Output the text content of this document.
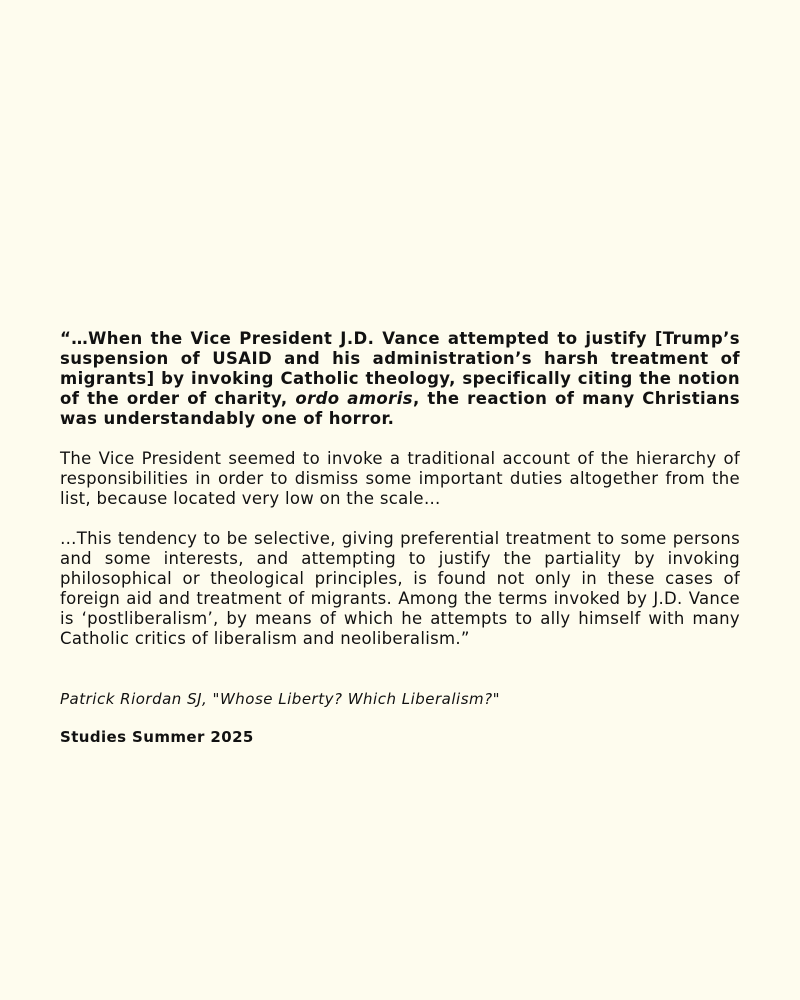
“…When the Vice President J.D. Vance attempted to justify [Trump’s suspension of USAID and his administration’s harsh treatment of migrants] by invoking Catholic theology, specifically citing the notion of the order of charity, ordo amoris, the reaction of many Christians was understandably one of horror.

The Vice President seemed to invoke a traditional account of the hierarchy of responsibilities in order to dismiss some important duties altogether from the list, because located very low on the scale…

…This tendency to be selective, giving preferential treatment to some persons and some interests, and attempting to justify the partiality by invoking philosophical or theological principles, is found not only in these cases of foreign aid and treatment of migrants. Among the terms invoked by J.D. Vance is ‘postliberalism’, by means of which he attempts to ally himself with many Catholic critics of liberalism and neoliberalism.”

Patrick Riordan SJ, "Whose Liberty? Which Liberalism?"

Studies Summer 2025
